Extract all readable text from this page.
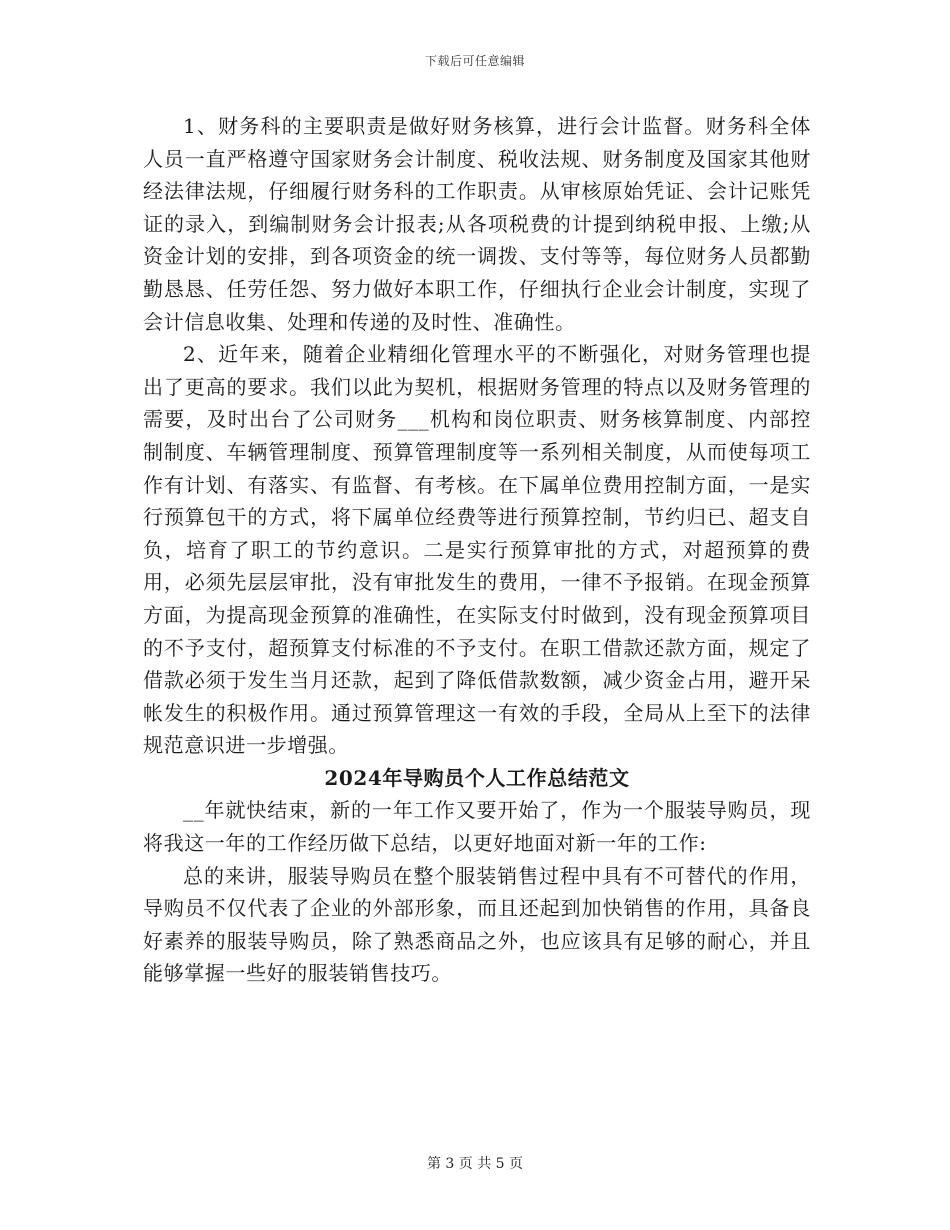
下载后可任意编辑

1、财务科的主要职责是做好财务核算，进行会计监督。财务科全体人员一直严格遵守国家财务会计制度、税收法规、财务制度及国家其他财经法律法规，仔细履行财务科的工作职责。从审核原始凭证、会计记账凭证的录入，到编制财务会计报表;从各项税费的计提到纳税申报、上缴;从资金计划的安排，到各项资金的统一调拨、支付等等，每位财务人员都勤勤恳恳、任劳任怨、努力做好本职工作，仔细执行企业会计制度，实现了会计信息收集、处理和传递的及时性、准确性。

2、近年来，随着企业精细化管理水平的不断强化，对财务管理也提出了更高的要求。我们以此为契机，根据财务管理的特点以及财务管理的需要，及时出台了公司财务___机构和岗位职责、财务核算制度、内部控制制度、车辆管理制度、预算管理制度等一系列相关制度，从而使每项工作有计划、有落实、有监督、有考核。在下属单位费用控制方面，一是实行预算包干的方式，将下属单位经费等进行预算控制，节约归已、超支自负，培育了职工的节约意识。二是实行预算审批的方式，对超预算的费用，必须先层层审批，没有审批发生的费用，一律不予报销。在现金预算方面，为提高现金预算的准确性，在实际支付时做到，没有现金预算项目的不予支付，超预算支付标准的不予支付。在职工借款还款方面，规定了借款必须于发生当月还款，起到了降低借款数额，减少资金占用，避开呆帐发生的积极作用。通过预算管理这一有效的手段，全局从上至下的法律规范意识进一步增强。

2024年导购员个人工作总结范文

__年就快结束，新的一年工作又要开始了，作为一个服装导购员，现将我这一年的工作经历做下总结，以更好地面对新一年的工作:

总的来讲，服装导购员在整个服装销售过程中具有不可替代的作用，导购员不仅代表了企业的外部形象，而且还起到加快销售的作用，具备良好素养的服装导购员，除了熟悉商品之外，也应该具有足够的耐心，并且能够掌握一些好的服装销售技巧。

第 3 页 共 5 页
